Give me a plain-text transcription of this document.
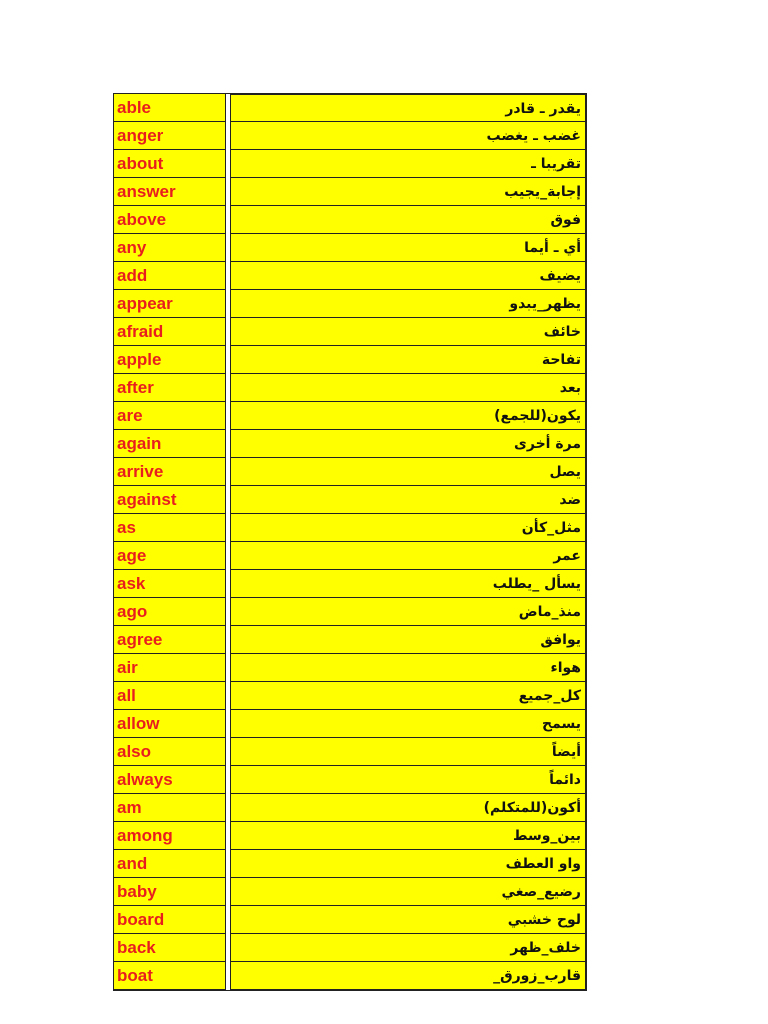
able	يقدر ـ قادر
anger	غضب ـ يغضب
about	تقريبا ـ
answer	إجابة_يجيب
above	فوق
any	أي ـ أيما
add	يضيف
appear	يظهر_يبدو
afraid	خائف
apple	تفاحة
after	بعد
are	يكون(للجمع)
again	مرة أخرى
arrive	يصل
against	ضد
as	مثل_كأن
age	عمر
ask	يسأل _يطلب
ago	منذ_ماض
agree	يوافق
air	هواء
all	كل_جميع
allow	يسمح
also	أيضاً
always	دائماً
am	أكون(للمتكلم)
among	بين_وسط
and	واو العطف
baby	رضيع_صغي
board	لوح خشبي
back	خلف_ظهر
boat	قارب_زورق_
